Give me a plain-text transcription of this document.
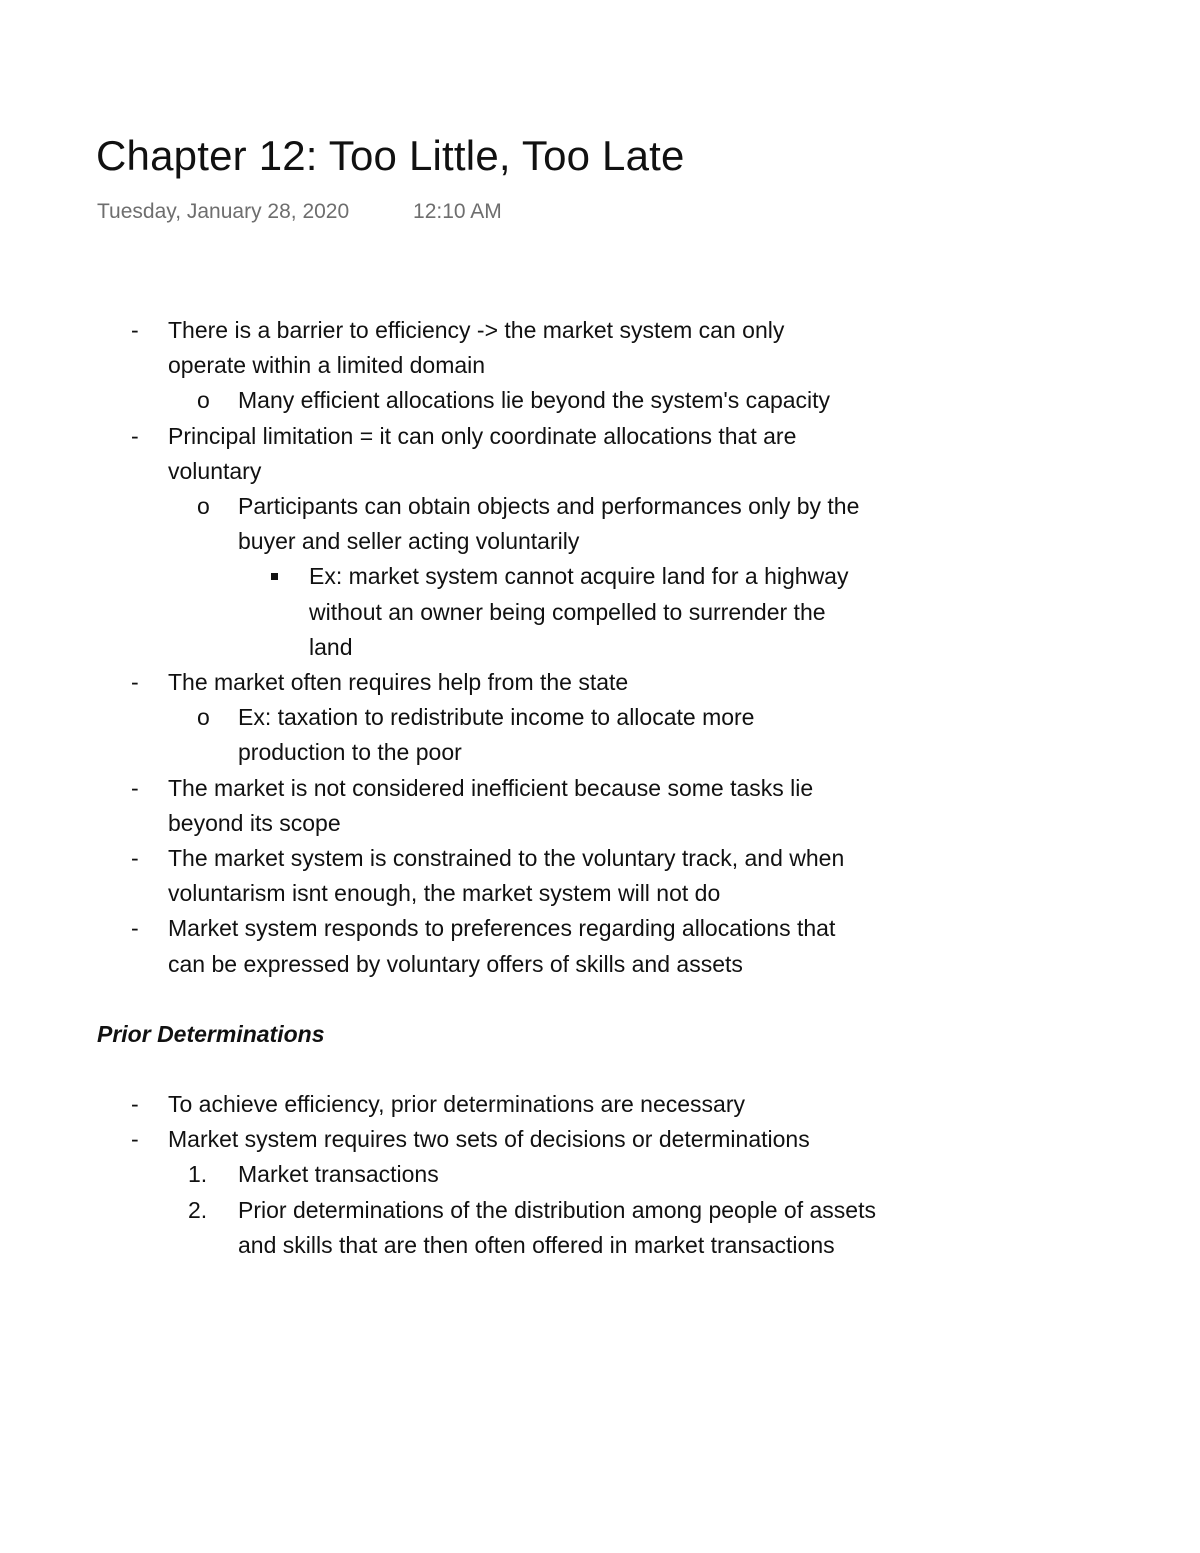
Chapter 12: Too Little, Too Late
Tuesday, January 28, 2020	12:10 AM
- There is a barrier to efficiency -> the market system can only operate within a limited domain
o Many efficient allocations lie beyond the system's capacity
- Principal limitation = it can only coordinate allocations that are voluntary
o Participants can obtain objects and performances only by the buyer and seller acting voluntarily
Ex: market system cannot acquire land for a highway without an owner being compelled to surrender the land
- The market often requires help from the state
o Ex: taxation to redistribute income to allocate more production to the poor
- The market is not considered inefficient because some tasks lie beyond its scope
- The market system is constrained to the voluntary track, and when voluntarism isnt enough, the market system will not do
- Market system responds to preferences regarding allocations that can be expressed by voluntary offers of skills and assets
Prior Determinations
- To achieve efficiency, prior determinations are necessary
- Market system requires two sets of decisions or determinations
1. Market transactions
2. Prior determinations of the distribution among people of assets and skills that are then often offered in market transactions
